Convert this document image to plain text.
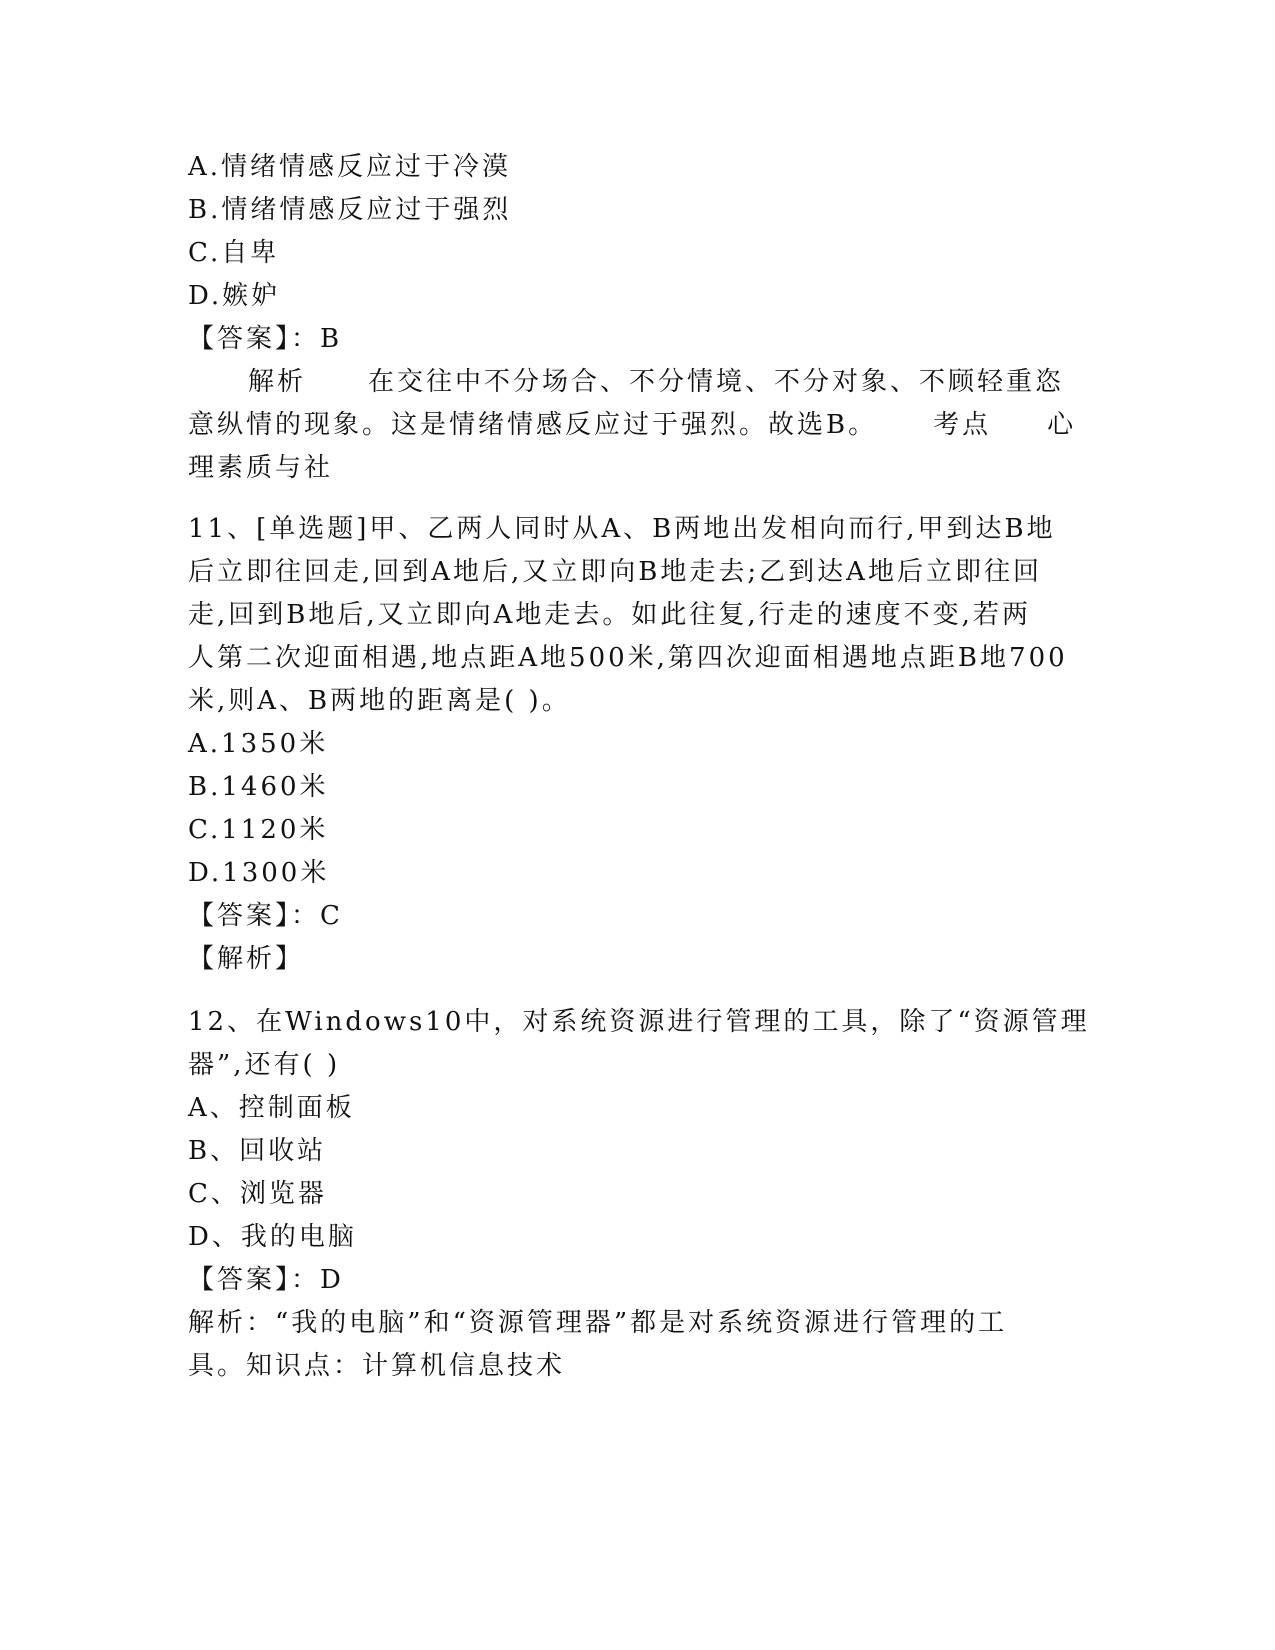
A.情绪情感反应过于冷漠
B.情绪情感反应过于强烈
C.自卑
D.嫉妒
【答案】：B
解析 在交往中不分场合、不分情境、不分对象、不顾轻重恣
意纵情的现象。这是情绪情感反应过于强烈。故选B。 考点 心
理素质与社
11、[单选题]甲、乙两人同时从A、B两地出发相向而行,甲到达B地
后立即往回走,回到A地后,又立即向B地走去;乙到达A地后立即往回
走,回到B地后,又立即向A地走去。如此往复,行走的速度不变,若两
人第二次迎面相遇,地点距A地500米,第四次迎面相遇地点距B地700
米,则A、B两地的距离是( )。
A.1350米
B.1460米
C.1120米
D.1300米
【答案】：C
【解析】
12、在Windows10中，对系统资源进行管理的工具，除了“资源管理
器”,还有( )
A、控制面板
B、回收站
C、浏览器
D、我的电脑
【答案】：D
解析：“我的电脑”和“资源管理器”都是对系统资源进行管理的工
具。知识点：计算机信息技术
